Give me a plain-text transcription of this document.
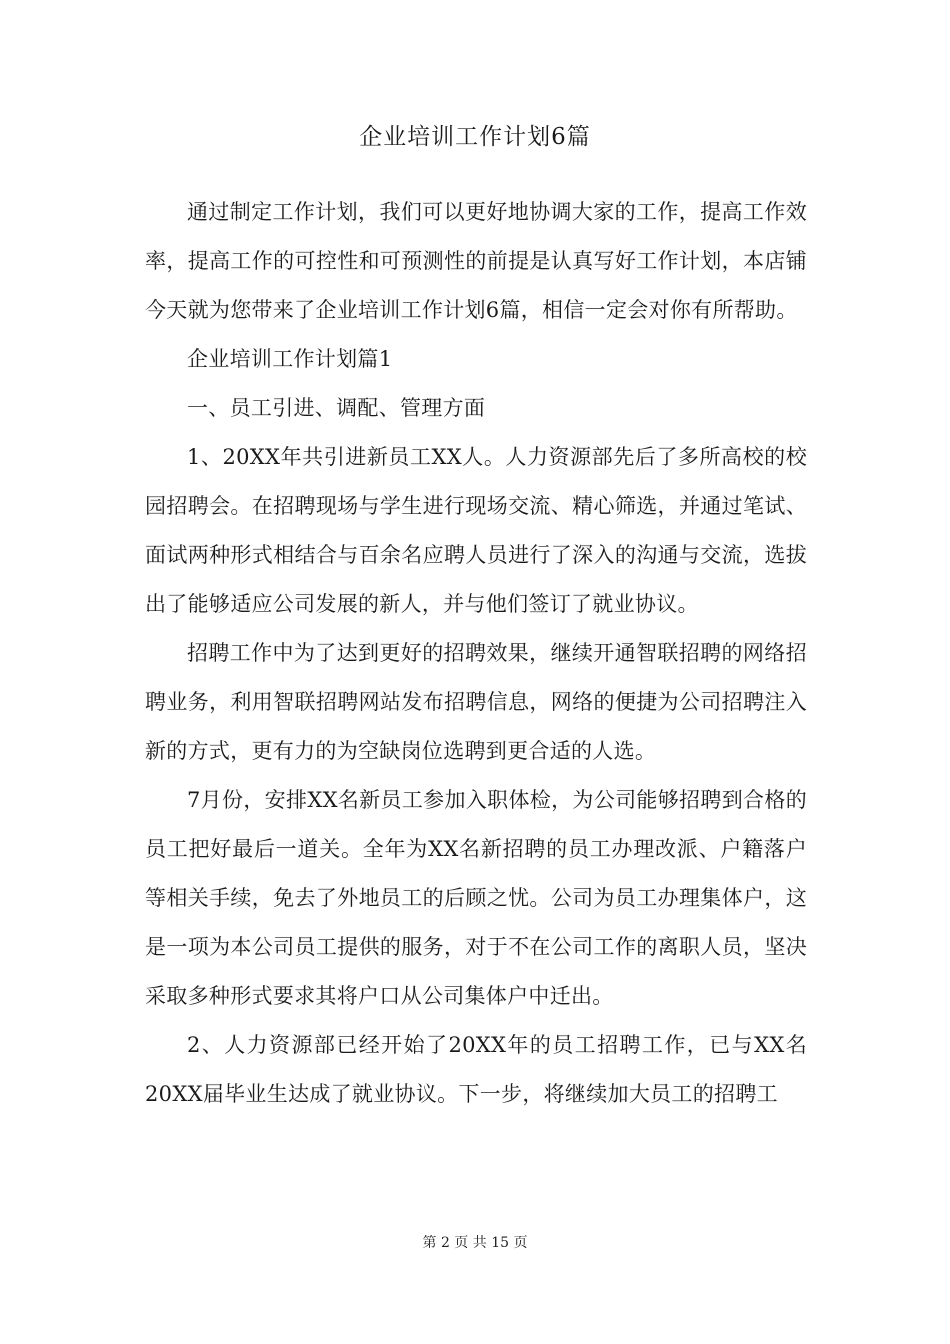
企业培训工作计划6篇

通过制定工作计划，我们可以更好地协调大家的工作，提高工作效率，提高工作的可控性和可预测性的前提是认真写好工作计划，本店铺今天就为您带来了企业培训工作计划6篇，相信一定会对你有所帮助。

企业培训工作计划篇1

一、员工引进、调配、管理方面

1、20XX年共引进新员工XX人。人力资源部先后了多所高校的校园招聘会。在招聘现场与学生进行现场交流、精心筛选，并通过笔试、面试两种形式相结合与百余名应聘人员进行了深入的沟通与交流，选拔出了能够适应公司发展的新人，并与他们签订了就业协议。

招聘工作中为了达到更好的招聘效果，继续开通智联招聘的网络招聘业务，利用智联招聘网站发布招聘信息，网络的便捷为公司招聘注入新的方式，更有力的为空缺岗位选聘到更合适的人选。

7月份，安排XX名新员工参加入职体检，为公司能够招聘到合格的员工把好最后一道关。全年为XX名新招聘的员工办理改派、户籍落户等相关手续，免去了外地员工的后顾之忧。公司为员工办理集体户，这是一项为本公司员工提供的服务，对于不在公司工作的离职人员，坚决采取多种形式要求其将户口从公司集体户中迁出。

2、人力资源部已经开始了20XX年的员工招聘工作，已与XX名20XX届毕业生达成了就业协议。下一步，将继续加大员工的招聘工

第 2 页 共 15 页
